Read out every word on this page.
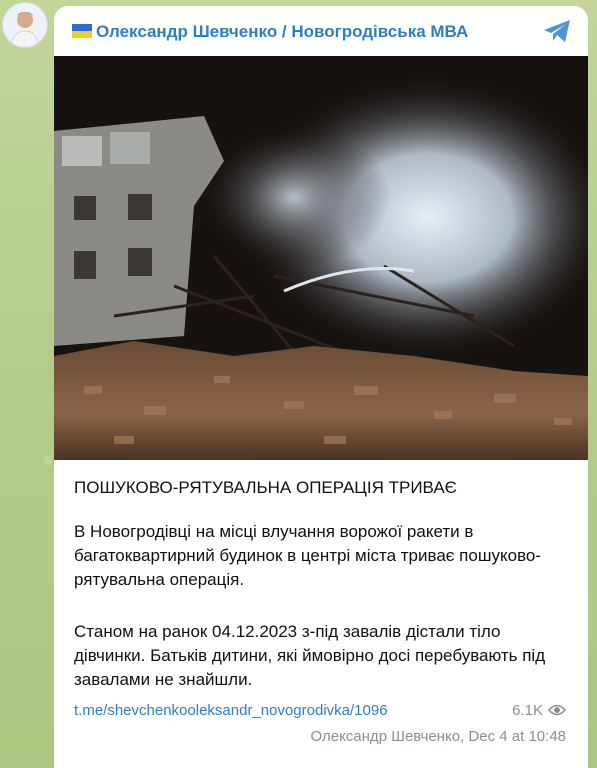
Олександр Шевченко / Новогродівська МВА
ПОШУКОВО-РЯТУВАЛЬНА ОПЕРАЦІЯ ТРИВАЄ
В Новогродівці на місці влучання ворожої ракети в багатоквартирний будинок в центрі міста триває пошуково-рятувальна операція.
Станом на ранок 04.12.2023 з-під завалів дістали тіло дівчинки. Батьків дитини, які ймовірно досі перебувають під завалами не знайшли.
t.me/shevchenkooleksandr_novogrodivka/1096	6.1K
Олександр Шевченко, Dec 4 at 10:48
